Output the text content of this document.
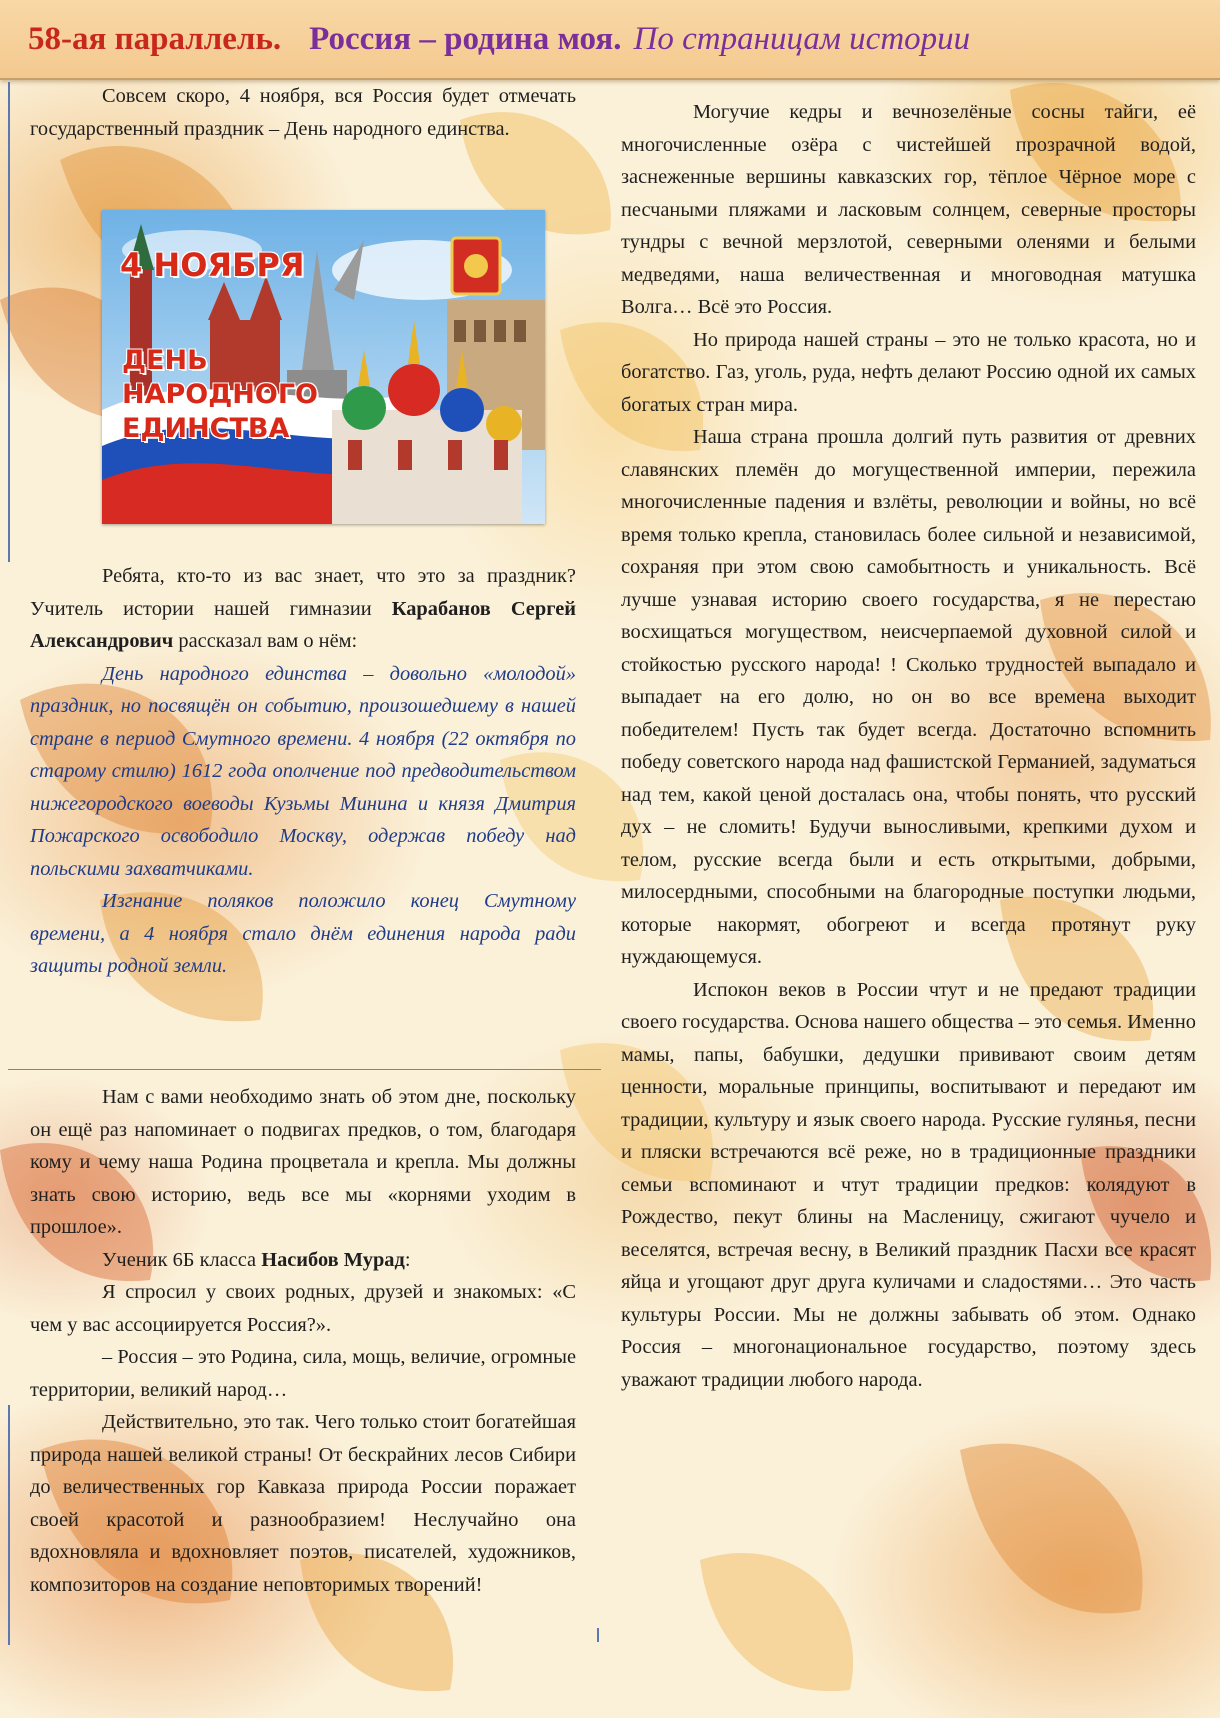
58-ая параллель. Россия – родина моя. По страницам истории

Совсем скоро, 4 ноября, вся Россия будет отмечать государственный праздник – День народного единства.

4 НОЯБРЯ
ДЕНЬ
НАРОДНОГО
ЕДИНСТВА

Ребята, кто-то из вас знает, что это за праздник? Учитель истории нашей гимназии Карабанов Сергей Александрович рассказал вам о нём:

День народного единства – довольно «молодой» праздник, но посвящён он событию, произошедшему в нашей стране в период Смутного времени. 4 ноября (22 октября по старому стилю) 1612 года ополчение под предводительством нижегородского воеводы Кузьмы Минина и князя Дмитрия Пожарского освободило Москву, одержав победу над польскими захватчиками.

Изгнание поляков положило конец Смутному времени, а 4 ноября стало днём единения народа ради защиты родной земли.

Нам с вами необходимо знать об этом дне, поскольку он ещё раз напоминает о подвигах предков, о том, благодаря кому и чему наша Родина процветала и крепла. Мы должны знать свою историю, ведь все мы «корнями уходим в прошлое».

Ученик 6Б класса Насибов Мурад:

Я спросил у своих родных, друзей и знакомых: «С чем у вас ассоциируется Россия?».

– Россия – это Родина, сила, мощь, величие, огромные территории, великий народ…

Действительно, это так. Чего только стоит богатейшая природа нашей великой страны! От бескрайних лесов Сибири до величественных гор Кавказа природа России поражает своей красотой и разнообразием! Неслучайно она вдохновляла и вдохновляет поэтов, писателей, художников, композиторов на создание неповторимых творений!

Могучие кедры и вечнозелёные сосны тайги, её многочисленные озёра с чистейшей прозрачной водой, заснеженные вершины кавказских гор, тёплое Чёрное море с песчаными пляжами и ласковым солнцем, северные просторы тундры с вечной мерзлотой, северными оленями и белыми медведями, наша величественная и многоводная матушка Волга… Всё это Россия.

Но природа нашей страны – это не только красота, но и богатство. Газ, уголь, руда, нефть делают Россию одной их самых богатых стран мира.

Наша страна прошла долгий путь развития от древних славянских племён до могущественной империи, пережила многочисленные падения и взлёты, революции и войны, но всё время только крепла, становилась более сильной и независимой, сохраняя при этом свою самобытность и уникальность. Всё лучше узнавая историю своего государства, я не перестаю восхищаться могуществом, неисчерпаемой духовной силой и стойкостью русского народа! ! Сколько трудностей выпадало и выпадает на его долю, но он во все времена выходит победителем! Пусть так будет всегда. Достаточно вспомнить победу советского народа над фашистской Германией, задуматься над тем, какой ценой досталась она, чтобы понять, что русский дух – не сломить! Будучи выносливыми, крепкими духом и телом, русские всегда были и есть открытыми, добрыми, милосердными, способными на благородные поступки людьми, которые накормят, обогреют и всегда протянут руку нуждающемуся.

Испокон веков в России чтут и не предают традиции своего государства. Основа нашего общества – это семья. Именно мамы, папы, бабушки, дедушки прививают своим детям ценности, моральные принципы, воспитывают и передают им традиции, культуру и язык своего народа. Русские гулянья, песни и пляски встречаются всё реже, но в традиционные праздники семьи вспоминают и чтут традиции предков: колядуют в Рождество, пекут блины на Масленицу, сжигают чучело и веселятся, встречая весну, в Великий праздник Пасхи все красят яйца и угощают друг друга куличами и сладостями… Это часть культуры России. Мы не должны забывать об этом. Однако Россия – многонациональное государство, поэтому здесь уважают традиции любого народа.
